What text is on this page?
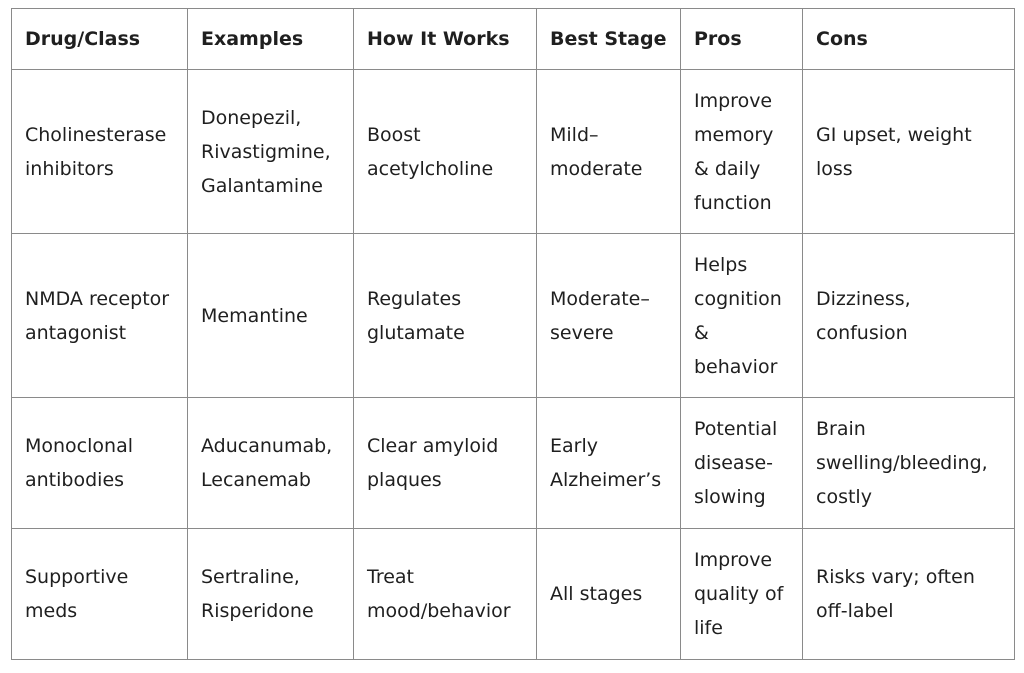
Drug/Class	Examples	How It Works	Best Stage	Pros	Cons

Cholinesterase inhibitors	Donepezil, Rivastigmine, Galantamine	Boost acetylcholine	Mild–moderate	Improve memory & daily function	GI upset, weight loss

NMDA receptor antagonist	Memantine	Regulates glutamate	Moderate–severe	Helps cognition & behavior	Dizziness, confusion

Monoclonal antibodies	Aducanumab, Lecanemab	Clear amyloid plaques	Early Alzheimer’s	Potential disease-slowing	Brain swelling/bleeding, costly

Supportive meds	Sertraline, Risperidone	Treat mood/behavior	All stages	Improve quality of life	Risks vary; often off-label
